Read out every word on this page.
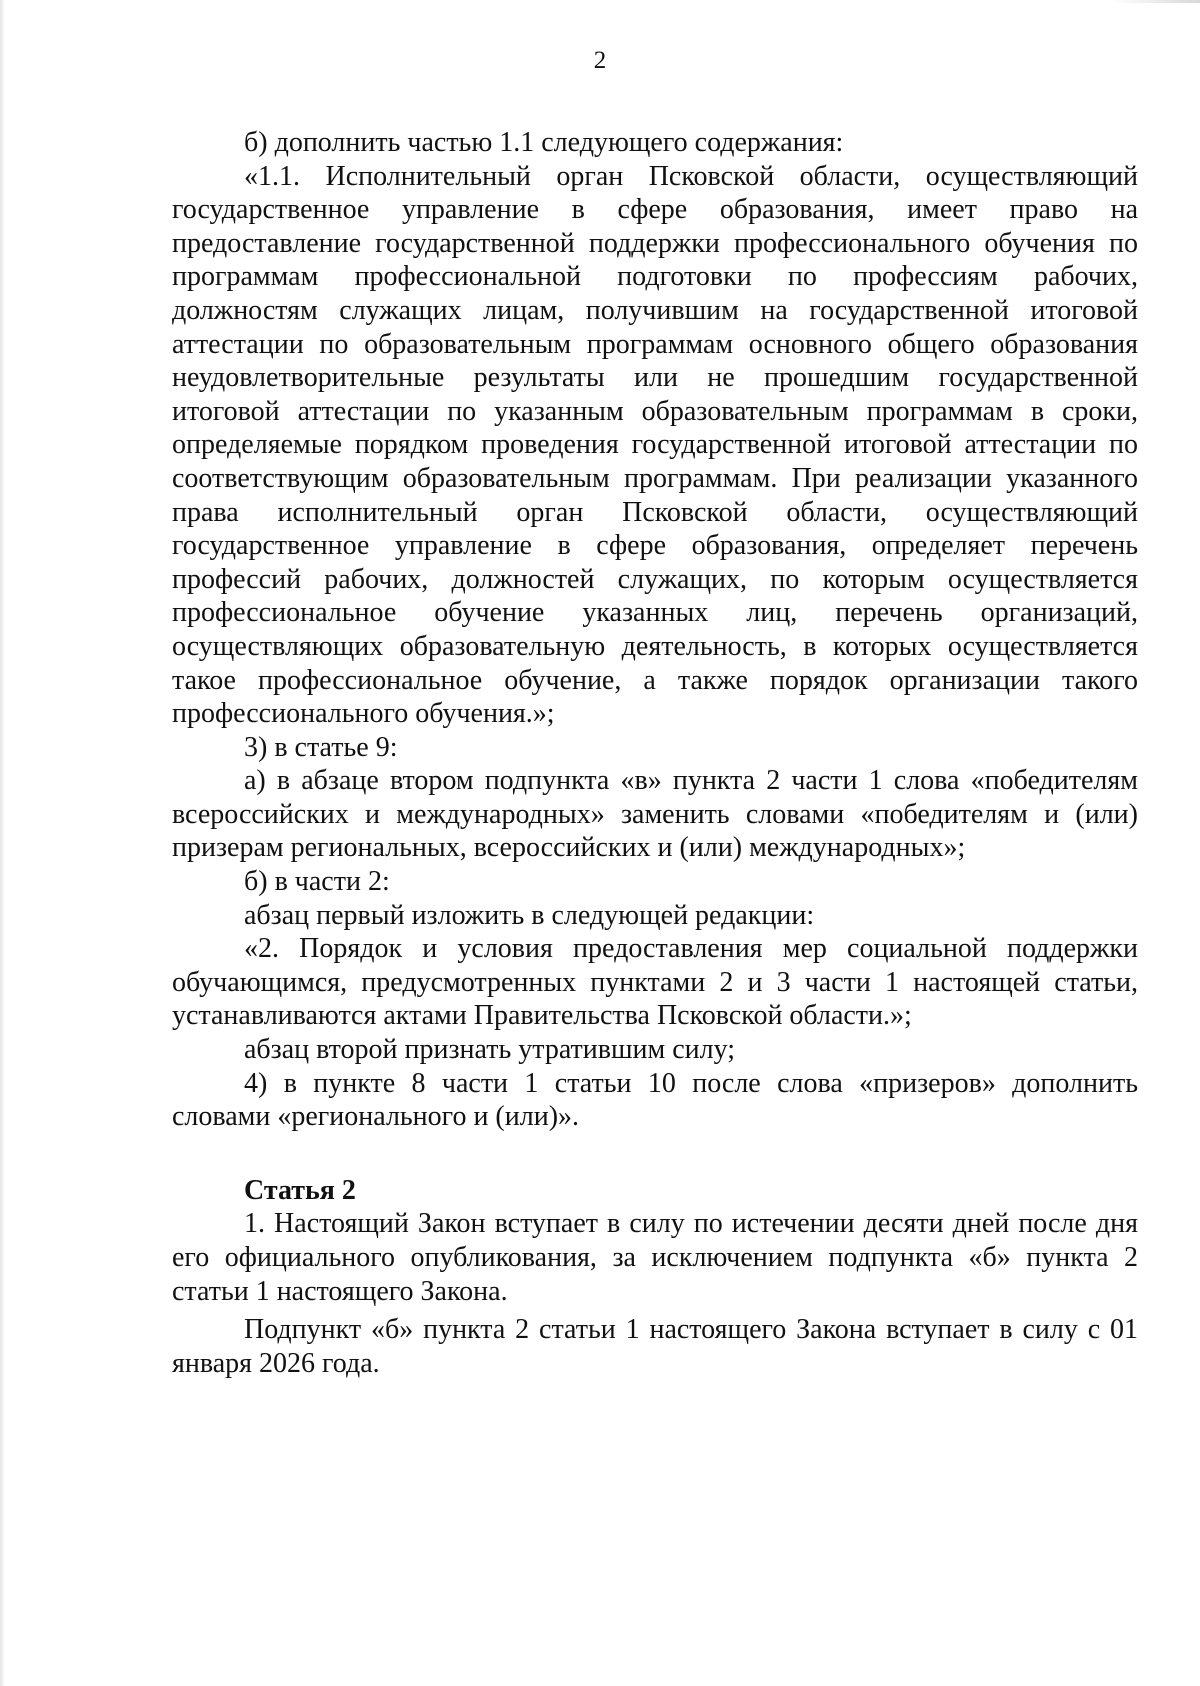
2

б) дополнить частью 1.1 следующего содержания:

«1.1. Исполнительный орган Псковской области, осуществляющий государственное управление в сфере образования, имеет право на предоставление государственной поддержки профессионального обучения по программам профессиональной подготовки по профессиям рабочих, должностям служащих лицам, получившим на государственной итоговой аттестации по образовательным программам основного общего образования неудовлетворительные результаты или не прошедшим государственной итоговой аттестации по указанным образовательным программам в сроки, определяемые порядком проведения государственной итоговой аттестации по соответствующим образовательным программам. При реализации указанного права исполнительный орган Псковской области, осуществляющий государственное управление в сфере образования, определяет перечень профессий рабочих, должностей служащих, по которым осуществляется профессиональное обучение указанных лиц, перечень организаций, осуществляющих образовательную деятельность, в которых осуществляется такое профессиональное обучение, а также порядок организации такого профессионального обучения.»;

3) в статье 9:

а) в абзаце втором подпункта «в» пункта 2 части 1 слова «победителям всероссийских и международных» заменить словами «победителям и (или) призерам региональных, всероссийских и (или) международных»;

б) в части 2:

абзац первый изложить в следующей редакции:

«2. Порядок и условия предоставления мер социальной поддержки обучающимся, предусмотренных пунктами 2 и 3 части 1 настоящей статьи, устанавливаются актами Правительства Псковской области.»;

абзац второй признать утратившим силу;

4) в пункте 8 части 1 статьи 10 после слова «призеров» дополнить словами «регионального и (или)».

Статья 2

1. Настоящий Закон вступает в силу по истечении десяти дней после дня его официального опубликования, за исключением подпункта «б» пункта 2 статьи 1 настоящего Закона.

Подпункт «б» пункта 2 статьи 1 настоящего Закона вступает в силу с 01 января 2026 года.
